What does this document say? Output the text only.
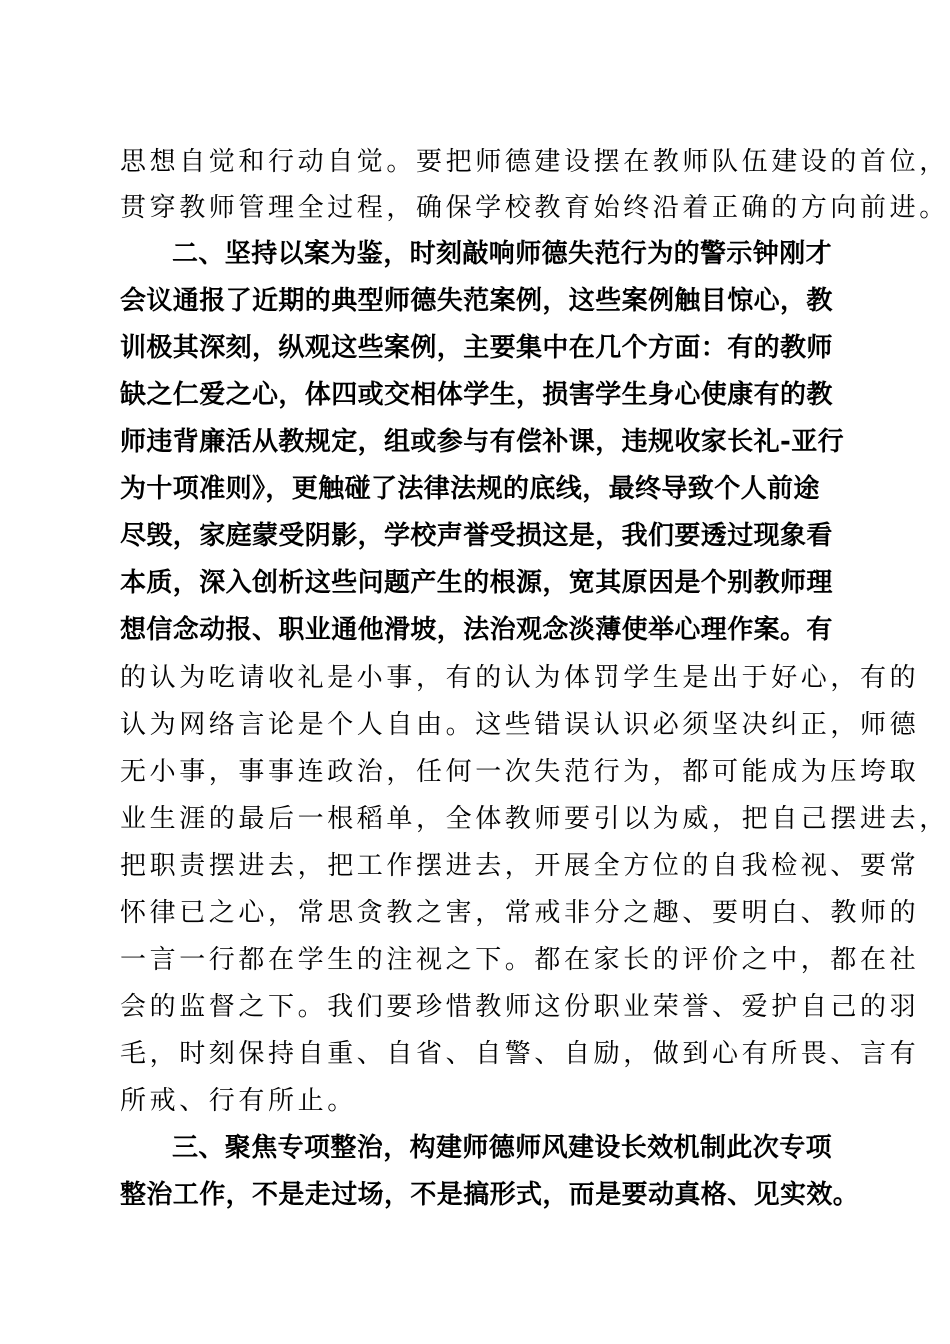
思想自觉和行动自觉。要把师德建设摆在教师队伍建设的首位，
贯穿教师管理全过程，确保学校教育始终沿着正确的方向前进。
二、坚持以案为鉴，时刻敲响师德失范行为的警示钟刚才
会议通报了近期的典型师德失范案例，这些案例触目惊心，教
训极其深刻，纵观这些案例，主要集中在几个方面：有的教师
缺之仁爱之心，体四或交相体学生，损害学生身心使康有的教
师违背廉活从教规定，组或参与有偿补课，违规收家长礼-亚行
为十项准则》，更触碰了法律法规的底线，最终导致个人前途
尽毁，家庭蒙受阴影，学校声誉受损这是，我们要透过现象看
本质，深入创析这些问题产生的根源，宽其原因是个别教师理
想信念动报、职业通他滑坡，法治观念淡薄使举心理作案。有
的认为吃请收礼是小事，有的认为体罚学生是出于好心，有的
认为网络言论是个人自由。这些错误认识必须坚决纠正，师德
无小事，事事连政治，任何一次失范行为，都可能成为压垮取
业生涯的最后一根稻单，全体教师要引以为威，把自己摆进去，
把职责摆进去，把工作摆进去，开展全方位的自我检视、要常
怀律已之心，常思贪教之害，常戒非分之趣、要明白、教师的
一言一行都在学生的注视之下。都在家长的评价之中，都在社
会的监督之下。我们要珍惜教师这份职业荣誉、爱护自己的羽
毛，时刻保持自重、自省、自警、自励，做到心有所畏、言有
所戒、行有所止。
三、聚焦专项整治，构建师德师风建设长效机制此次专项
整治工作，不是走过场，不是搞形式，而是要动真格、见实效。
